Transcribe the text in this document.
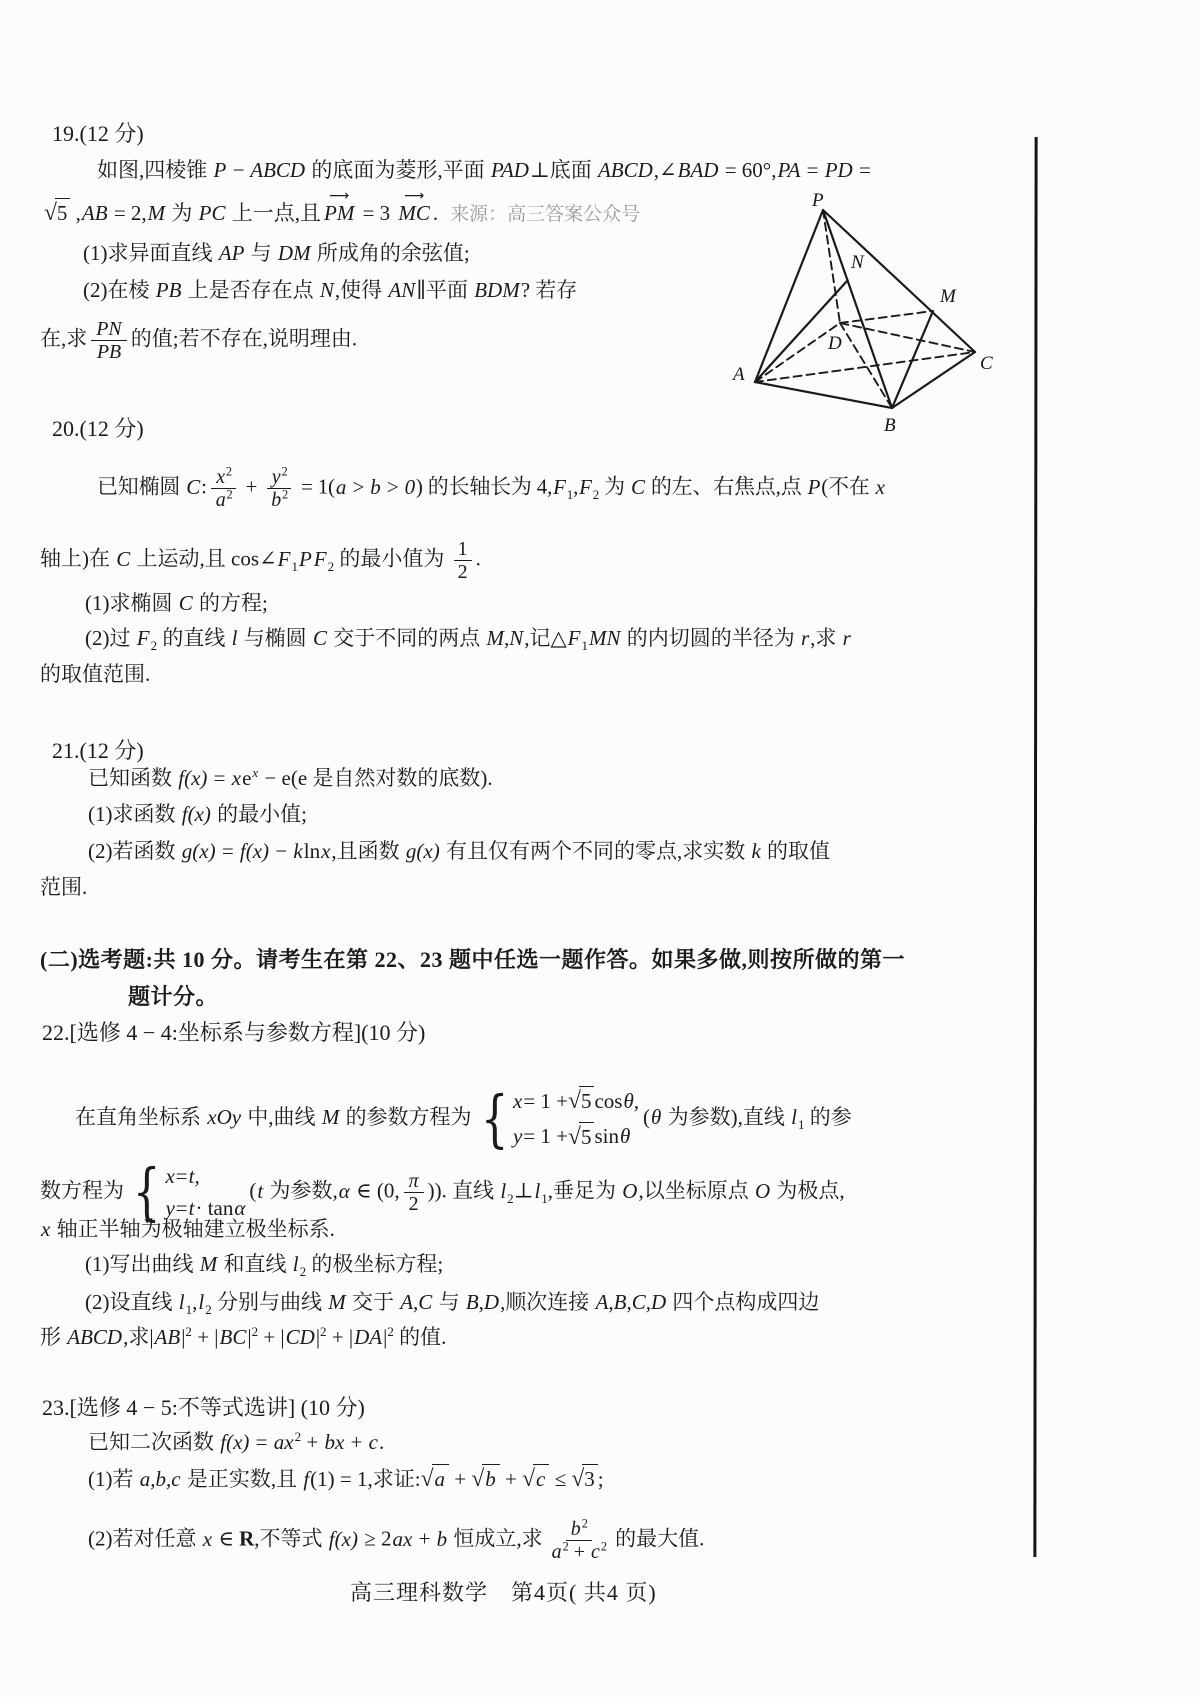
19.(12 分)
如图,四棱锥 P − ABCD 的底面为菱形,平面 PAD⊥底面 ABCD,∠BAD = 60°,PA = PD =
√5 ,AB = 2,M 为 PC 上一点,且 ⟶ PM = 3 ⟶ MC . 来源：高三答案公众号
(1)求异面直线 AP 与 DM 所成角的余弦值;
(2)在棱 PB 上是否存在点 N,使得 AN∥平面 BDM? 若存
在,求 $\frac{PN}{PB}$ 的值;若不存在,说明理由.
P
N
M
D
A
B
C
20.(12 分)
已知椭圆 C: $\frac{x^2}{a^2} + \frac{y^2}{b^2} = 1(a > b > 0)$ 的长轴长为 $4,F_1,F_2$ 为 C 的左、右焦点,点 P(不在 x
轴上)在 C 上运动,且 $\cos\angle F_1PF_2$ 的最小值为 $\frac{1}{2}$ .
(1)求椭圆 C 的方程;
(2)过 $F_2$ 的直线 l 与椭圆 C 交于不同的两点 M,N,记$\triangle F_1MN$ 的内切圆的半径为 r,求 r
的取值范围.
21.(12 分)
已知函数 $f(x) = xe^x - e(e$ 是自然对数的底数).
(1)求函数 f(x) 的最小值;
(2)若函数 g(x) = f(x) − klnx,且函数 g(x) 有且仅有两个不同的零点,求实数 k 的取值
范围.
(二)选考题:共 10 分。请考生在第 22、23 题中任选一题作答。如果多做,则按所做的第一
题计分。
22.[选修 4 − 4:坐标系与参数方程](10 分)
在直角坐标系 xOy 中,曲线 M 的参数方程为 { x = 1 + √5 cos θ,
y = 1 + √5 sin θ
(θ 为参数),直线 $l_1$ 的参
数方程为 { x = t,
y = t · tan α
(t 为参数,α ∈ (0, $\frac{\pi}{2}$ )). 直线 $l_2\perp l_1$,垂足为 O,以坐标原点 O 为极点,
x 轴正半轴为极轴建立极坐标系.
(1)写出曲线 M 和直线 $l_2$ 的极坐标方程;
(2)设直线 $l_1,l_2$ 分别与曲线 M 交于 A,C 与 B,D,顺次连接 A,B,C,D 四个点构成四边
形 ABCD,求$|AB|^2 + |BC|^2 + |CD|^2 + |DA|^2$ 的值.
23.[选修 4 − 5:不等式选讲] (10 分)
已知二次函数 $f(x) = ax^2$ + bx + c.
(1)若 a,b,c 是正实数,且 f(1) = 1,求证:√a + √b + √c ≤ √3 ;
(2)若对任意 x ∈ R,不等式 f(x) ≥ 2ax + b 恒成立,求 $\frac{b^2}{a^2 + c^2}$ 的最大值.
高三理科数学　第4页( 共4 页)
